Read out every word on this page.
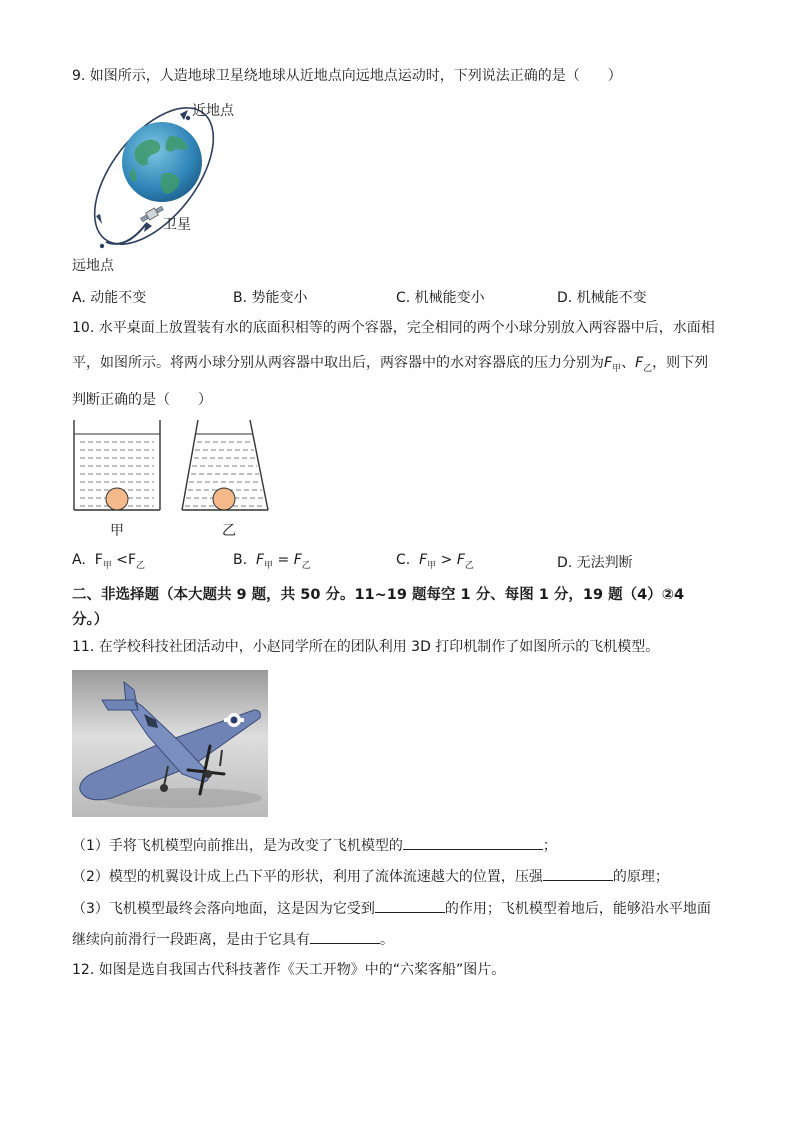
9. 如图所示，人造地球卫星绕地球从近地点向远地点运动时，下列说法正确的是（　　）
近地点
卫星
远地点
A. 动能不变	B. 势能变小	C. 机械能变小	D. 机械能不变
10. 水平桌面上放置装有水的底面积相等的两个容器，完全相同的两个小球分别放入两容器中后，水面相
平，如图所示。将两小球分别从两容器中取出后，两容器中的水对容器底的压力分别为$F_甲$、$F_乙$，则下列
判断正确的是（　　）
甲	乙
A. $F_甲 <F_乙$	B. $F_甲 = F_乙$	C. $F_甲 > F_乙$	D. 无法判断
二、非选择题（本大题共 9 题，共 50 分。11~19 题每空 1 分、每图 1 分，19 题（4）②4
分。）
11. 在学校科技社团活动中，小赵同学所在的团队利用 3D 打印机制作了如图所示的飞机模型。
（1）手将飞机模型向前推出，是为改变了飞机模型的	；
（2）模型的机翼设计成上凸下平的形状，利用了流体流速越大的位置，压强	的原理；
（3）飞机模型最终会落向地面，这是因为它受到	的作用；飞机模型着地后，能够沿水平地面
继续向前滑行一段距离，是由于它具有	。
12. 如图是选自我国古代科技著作《天工开物》中的“六桨客船”图片。
